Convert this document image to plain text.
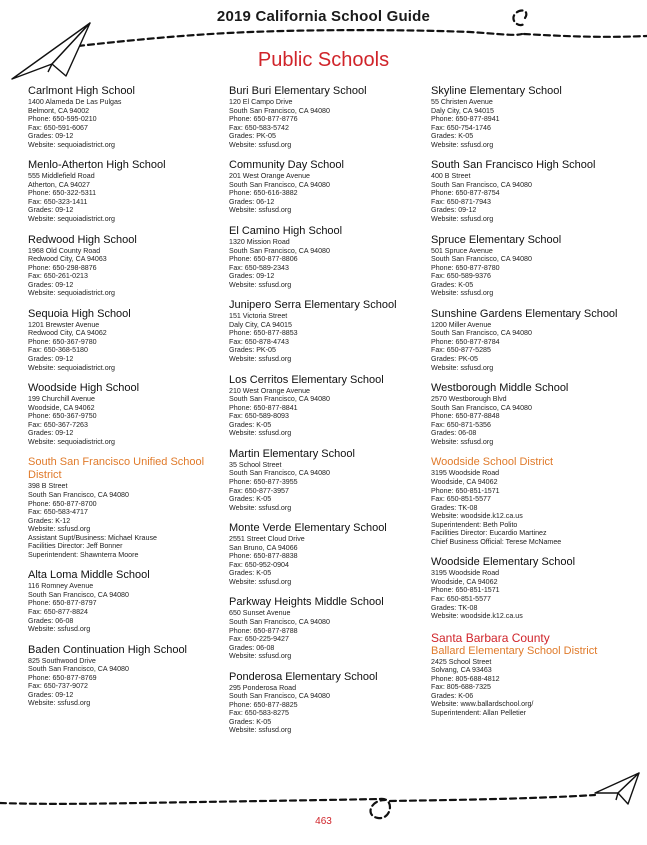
2019 California School Guide
Public Schools
Carlmont High School
1400 Alameda De Las Pulgas
Belmont, CA 94002
Phone: 650-595-0210
Fax: 650-591-6067
Grades: 09-12
Website: sequoiadistrict.org
Menlo-Atherton High School
555 Middlefield Road
Atherton, CA 94027
Phone: 650-322-5311
Fax: 650-323-1411
Grades: 09-12
Website: sequoiadistrict.org
Redwood High School
1968 Old County Road
Redwood City, CA 94063
Phone: 650-298-8876
Fax: 650-261-0213
Grades: 09-12
Website: sequoiadistrict.org
Sequoia High School
1201 Brewster Avenue
Redwood City, CA 94062
Phone: 650-367-9780
Fax: 650-368-5180
Grades: 09-12
Website: sequoiadistrict.org
Woodside High School
199 Churchill Avenue
Woodside, CA 94062
Phone: 650-367-9750
Fax: 650-367-7263
Grades: 09-12
Website: sequoiadistrict.org
South San Francisco Unified School District
398 B Street
South San Francisco, CA 94080
Phone: 650-877-8700
Fax: 650-583-4717
Grades: K-12
Website: ssfusd.org
Assistant Supt/Business: Michael Krause
Facilities Director: Jeff Bonner
Superintendent: Shawnterra Moore
Alta Loma Middle School
116 Romney Avenue
South San Francisco, CA 94080
Phone: 650-877-8797
Fax: 650-877-8824
Grades: 06-08
Website: ssfusd.org
Baden Continuation High School
825 Southwood Drive
South San Francisco, CA 94080
Phone: 650-877-8769
Fax: 650-737-9072
Grades: 09-12
Website: ssfusd.org
Buri Buri Elementary School
120 El Campo Drive
South San Francisco, CA 94080
Phone: 650-877-8776
Fax: 650-583-5742
Grades: PK-05
Website: ssfusd.org
Community Day School
201 West Orange Avenue
South San Francisco, CA 94080
Phone: 650-616-3882
Grades: 06-12
Website: ssfusd.org
El Camino High School
1320 Mission Road
South San Francisco, CA 94080
Phone: 650-877-8806
Fax: 650-589-2343
Grades: 09-12
Website: ssfusd.org
Junipero Serra Elementary School
151 Victoria Street
Daly City, CA 94015
Phone: 650-877-8853
Fax: 650-878-4743
Grades: PK-05
Website: ssfusd.org
Los Cerritos Elementary School
210 West Orange Avenue
South San Francisco, CA 94080
Phone: 650-877-8841
Fax: 650-589-8093
Grades: K-05
Website: ssfusd.org
Martin Elementary School
35 School Street
South San Francisco, CA 94080
Phone: 650-877-3955
Fax: 650-877-3957
Grades: K-05
Website: ssfusd.org
Monte Verde Elementary School
2551 Street Cloud Drive
San Bruno, CA 94066
Phone: 650-877-8838
Fax: 650-952-0904
Grades: K-05
Website: ssfusd.org
Parkway Heights Middle School
650 Sunset Avenue
South San Francisco, CA 94080
Phone: 650-877-8788
Fax: 650-225-9427
Grades: 06-08
Website: ssfusd.org
Ponderosa Elementary School
295 Ponderosa Road
South San Francisco, CA 94080
Phone: 650-877-8825
Fax: 650-583-8275
Grades: K-05
Website: ssfusd.org
Skyline Elementary School
55 Christen Avenue
Daly City, CA 94015
Phone: 650-877-8941
Fax: 650-754-1746
Grades: K-05
Website: ssfusd.org
South San Francisco High School
400 B Street
South San Francisco, CA 94080
Phone: 650-877-8754
Fax: 650-871-7943
Grades: 09-12
Website: ssfusd.org
Spruce Elementary School
501 Spruce Avenue
South San Francisco, CA 94080
Phone: 650-877-8780
Fax: 650-589-9376
Grades: K-05
Website: ssfusd.org
Sunshine Gardens Elementary School
1200 Miller Avenue
South San Francisco, CA 94080
Phone: 650-877-8784
Fax: 650-877-5285
Grades: PK-05
Website: ssfusd.org
Westborough Middle School
2570 Westborough Blvd
South San Francisco, CA 94080
Phone: 650-877-8848
Fax: 650-871-5356
Grades: 06-08
Website: ssfusd.org
Woodside School District
3195 Woodside Road
Woodside, CA 94062
Phone: 650-851-1571
Fax: 650-851-5577
Grades: TK-08
Website: woodside.k12.ca.us
Superintendent: Beth Polito
Facilities Director: Eucardio Martinez
Chief Business Official: Terese McNamee
Woodside Elementary School
3195 Woodside Road
Woodside, CA 94062
Phone: 650-851-1571
Fax: 650-851-5577
Grades: TK-08
Website: woodside.k12.ca.us
Santa Barbara County
Ballard Elementary School District
2425 School Street
Solvang, CA 93463
Phone: 805-688-4812
Fax: 805-688-7325
Grades: K-06
Website: www.ballardschool.org/
Superintendent: Allan Pelletier
463
